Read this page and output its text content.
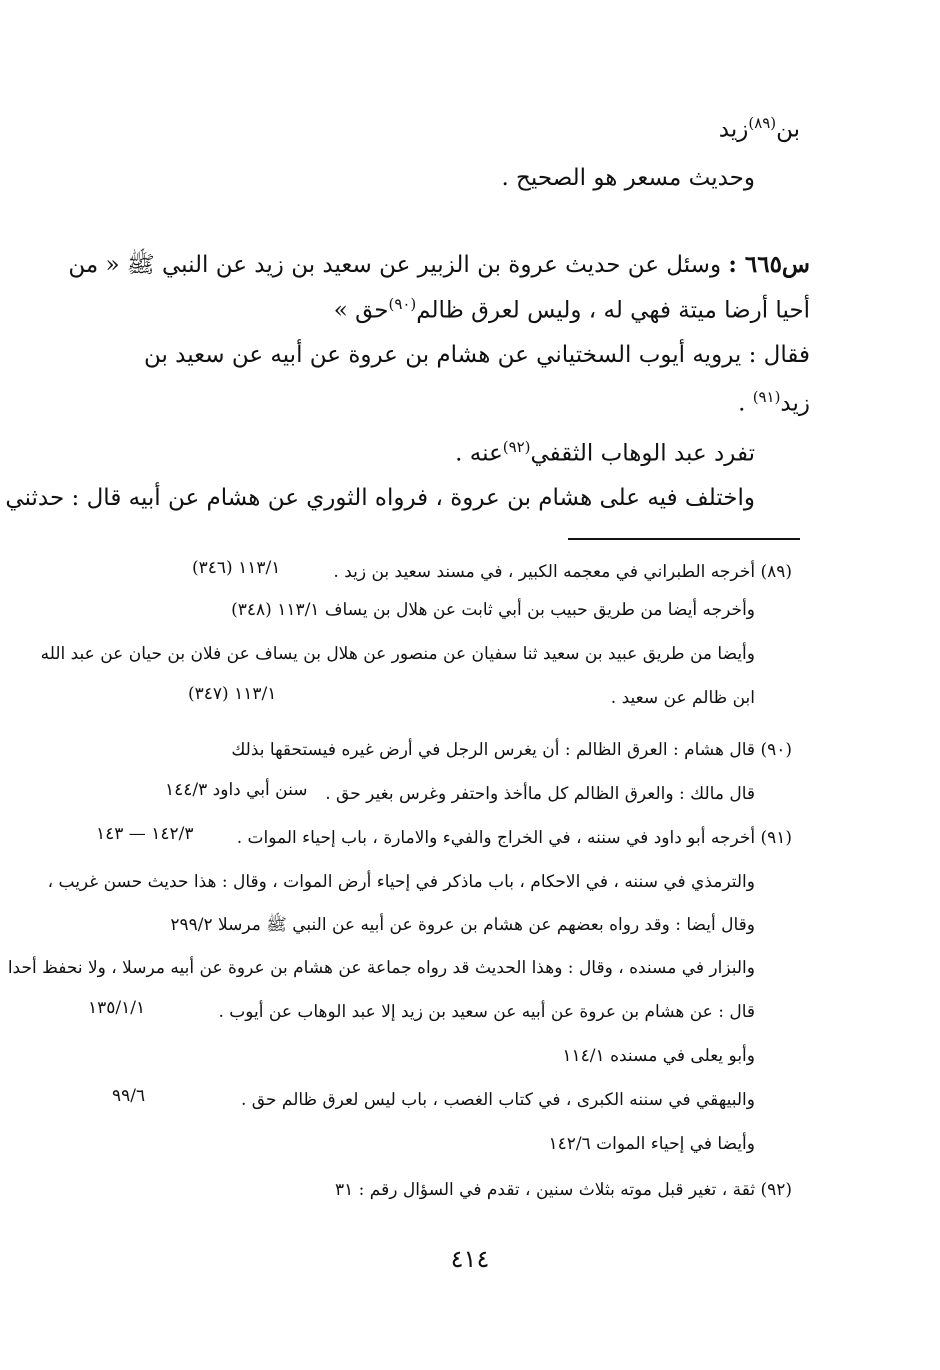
بن$^{(٨٩)}$زيد
وحديث مسعر هو الصحيح .
س٦٦٥ : وسئل عن حديث عروة بن الزبير عن سعيد بن زيد عن النبي ﷺ « من
أحيا أرضا ميتة فهي له ، وليس لعرق ظالم$^{(٩٠)}$حق »
فقال : يرويه أيوب السختياني عن هشام بن عروة عن أبيه عن سعيد بن
زيد$^{(٩١)}$ .
تفرد عبد الوهاب الثقفي$^{(٩٢)}$عنه .
واختلف فيه على هشام بن عروة ، فرواه الثوري عن هشام عن أبيه قال : حدثني
(٨٩) أخرجه الطبراني في معجمه الكبير ، في مسند سعيد بن زيد .
١١٣/١ (٣٤٦)
وأخرجه أيضا من طريق حبيب بن أبي ثابت عن هلال بن يساف ١١٣/١ (٣٤٨)
وأيضا من طريق عبيد بن سعيد ثنا سفيان عن منصور عن هلال بن يساف عن فلان بن حيان عن عبد الله
ابن ظالم عن سعيد .
١١٣/١ (٣٤٧)
(٩٠) قال هشام : العرق الظالم : أن يغرس الرجل في أرض غيره فيستحقها بذلك
قال مالك : والعرق الظالم كل ماأخذ واحتفر وغرس بغير حق .
سنن أبي داود ١٤٤/٣
(٩١) أخرجه أبو داود في سننه ، في الخراج والفيء والامارة ، باب إحياء الموات .
١٤٢/٣ — ١٤٣
والترمذي في سننه ، في الاحكام ، باب ماذكر في إحياء أرض الموات ، وقال : هذا حديث حسن غريب ،
وقال أيضا : وقد رواه بعضهم عن هشام بن عروة عن أبيه عن النبي ﷺ مرسلا ٢٩٩/٢
والبزار في مسنده ، وقال : وهذا الحديث قد رواه جماعة عن هشام بن عروة عن أبيه مرسلا ، ولا نحفظ أحدا
قال : عن هشام بن عروة عن أبيه عن سعيد بن زيد إلا عبد الوهاب عن أيوب .
١٣٥/١/١
وأبو يعلى في مسنده ١١٤/١
والبيهقي في سننه الكبرى ، في كتاب الغصب ، باب ليس لعرق ظالم حق .
٩٩/٦
وأيضا في إحياء الموات ١٤٢/٦
(٩٢) ثقة ، تغير قبل موته بثلاث سنين ، تقدم في السؤال رقم : ٣١
٤١٤
